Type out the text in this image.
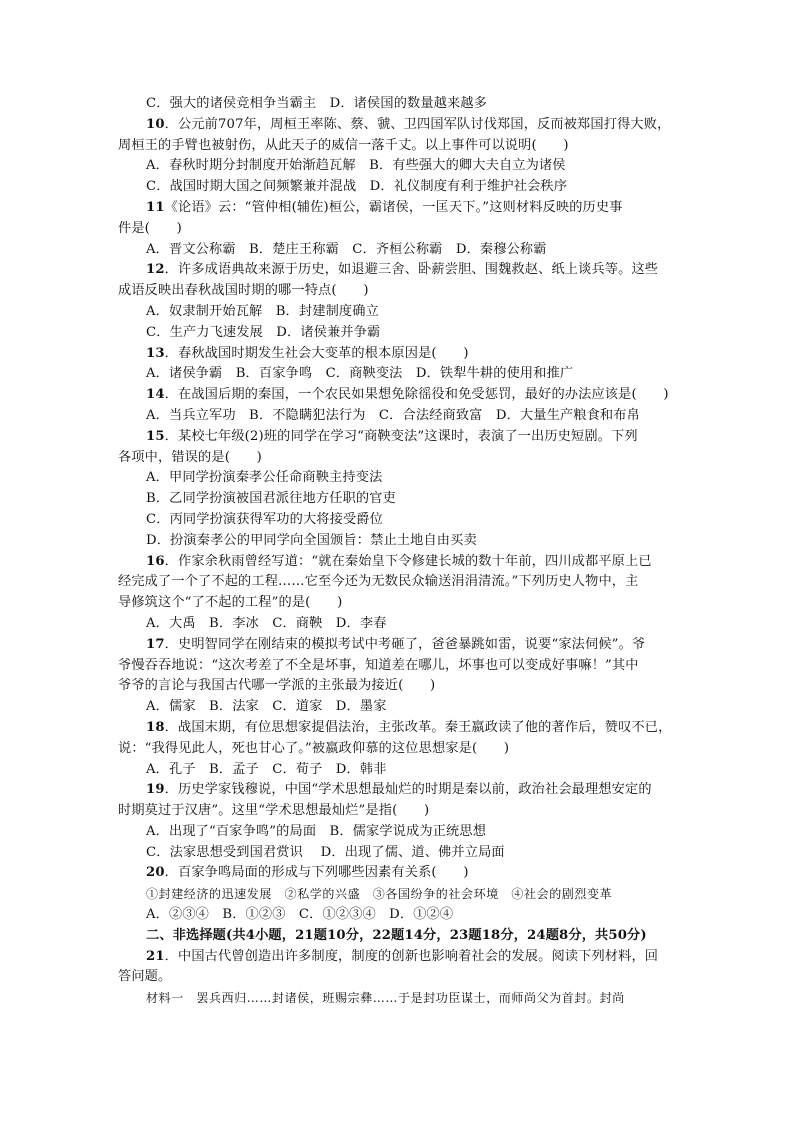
C．强大的诸侯竞相争当霸主　D．诸侯国的数量越来越多
10．公元前707年，周桓王率陈、蔡、虢、卫四国军队讨伐郑国，反而被郑国打得大败，
周桓王的手臂也被射伤，从此天子的威信一落千丈。以上事件可以说明(　　)
A．春秋时期分封制度开始渐趋瓦解　B．有些强大的卿大夫自立为诸侯
C．战国时期大国之间频繁兼并混战　D．礼仪制度有利于维护社会秩序
11《论语》云：“管仲相(辅佐)桓公，霸诸侯，一匡天下。”这则材料反映的历史事
件是(　　)
A．晋文公称霸　B．楚庄王称霸　C．齐桓公称霸　D．秦穆公称霸
12．许多成语典故来源于历史，如退避三舍、卧薪尝胆、围魏救赵、纸上谈兵等。这些
成语反映出春秋战国时期的哪一特点(　　)
A．奴隶制开始瓦解　B．封建制度确立
C．生产力飞速发展　D．诸侯兼并争霸
13．春秋战国时期发生社会大变革的根本原因是(　　)
A．诸侯争霸　B．百家争鸣　C．商鞅变法　D．铁犁牛耕的使用和推广
14．在战国后期的秦国，一个农民如果想免除徭役和免受惩罚，最好的办法应该是(　　)
A．当兵立军功　B．不隐瞒犯法行为　C．合法经商致富　D．大量生产粮食和布帛
15．某校七年级(2)班的同学在学习“商鞅变法”这课时，表演了一出历史短剧。下列
各项中，错误的是(　　)
A．甲同学扮演秦孝公任命商鞅主持变法
B．乙同学扮演被国君派往地方任职的官吏
C．丙同学扮演获得军功的大将接受爵位
D．扮演秦孝公的甲同学向全国颁旨：禁止土地自由买卖
16．作家余秋雨曾经写道：“就在秦始皇下令修建长城的数十年前，四川成都平原上已
经完成了一个了不起的工程……它至今还为无数民众输送涓涓清流。”下列历史人物中，主
导修筑这个“了不起的工程”的是(　　)
A．大禹　B．李冰　C．商鞅　D．李春
17．史明智同学在刚结束的模拟考试中考砸了，爸爸暴跳如雷，说要“家法伺候”。爷
爷慢吞吞地说：“这次考差了不全是坏事，知道差在哪儿，坏事也可以变成好事嘛！”其中
爷爷的言论与我国古代哪一学派的主张最为接近(　　)
A．儒家　B．法家　C．道家　D．墨家
18．战国末期，有位思想家提倡法治，主张改革。秦王嬴政读了他的著作后，赞叹不已，
说：“我得见此人，死也甘心了。”被嬴政仰慕的这位思想家是(　　)
A．孔子　B．孟子　C．荀子　D．韩非
19．历史学家钱穆说，中国“学术思想最灿烂的时期是秦以前，政治社会最理想安定的
时期莫过于汉唐”。这里“学术思想最灿烂”是指(　　)
A．出现了“百家争鸣”的局面　B．儒家学说成为正统思想
C．法家思想受到国君赏识　 D．出现了儒、道、佛并立局面
20．百家争鸣局面的形成与下列哪些因素有关系(　　)
①封建经济的迅速发展　②私学的兴盛　③各国纷争的社会环境　④社会的剧烈变革
A．②③④　B．①②③　C．①②③④　D．①②④
二、非选择题(共4小题，21题10分，22题14分，23题18分，24题8分，共50分)
21．中国古代曾创造出许多制度，制度的创新也影响着社会的发展。阅读下列材料，回
答问题。
材料一　罢兵西归……封诸侯，班赐宗彝……于是封功臣谋士，而师尚父为首封。封尚
